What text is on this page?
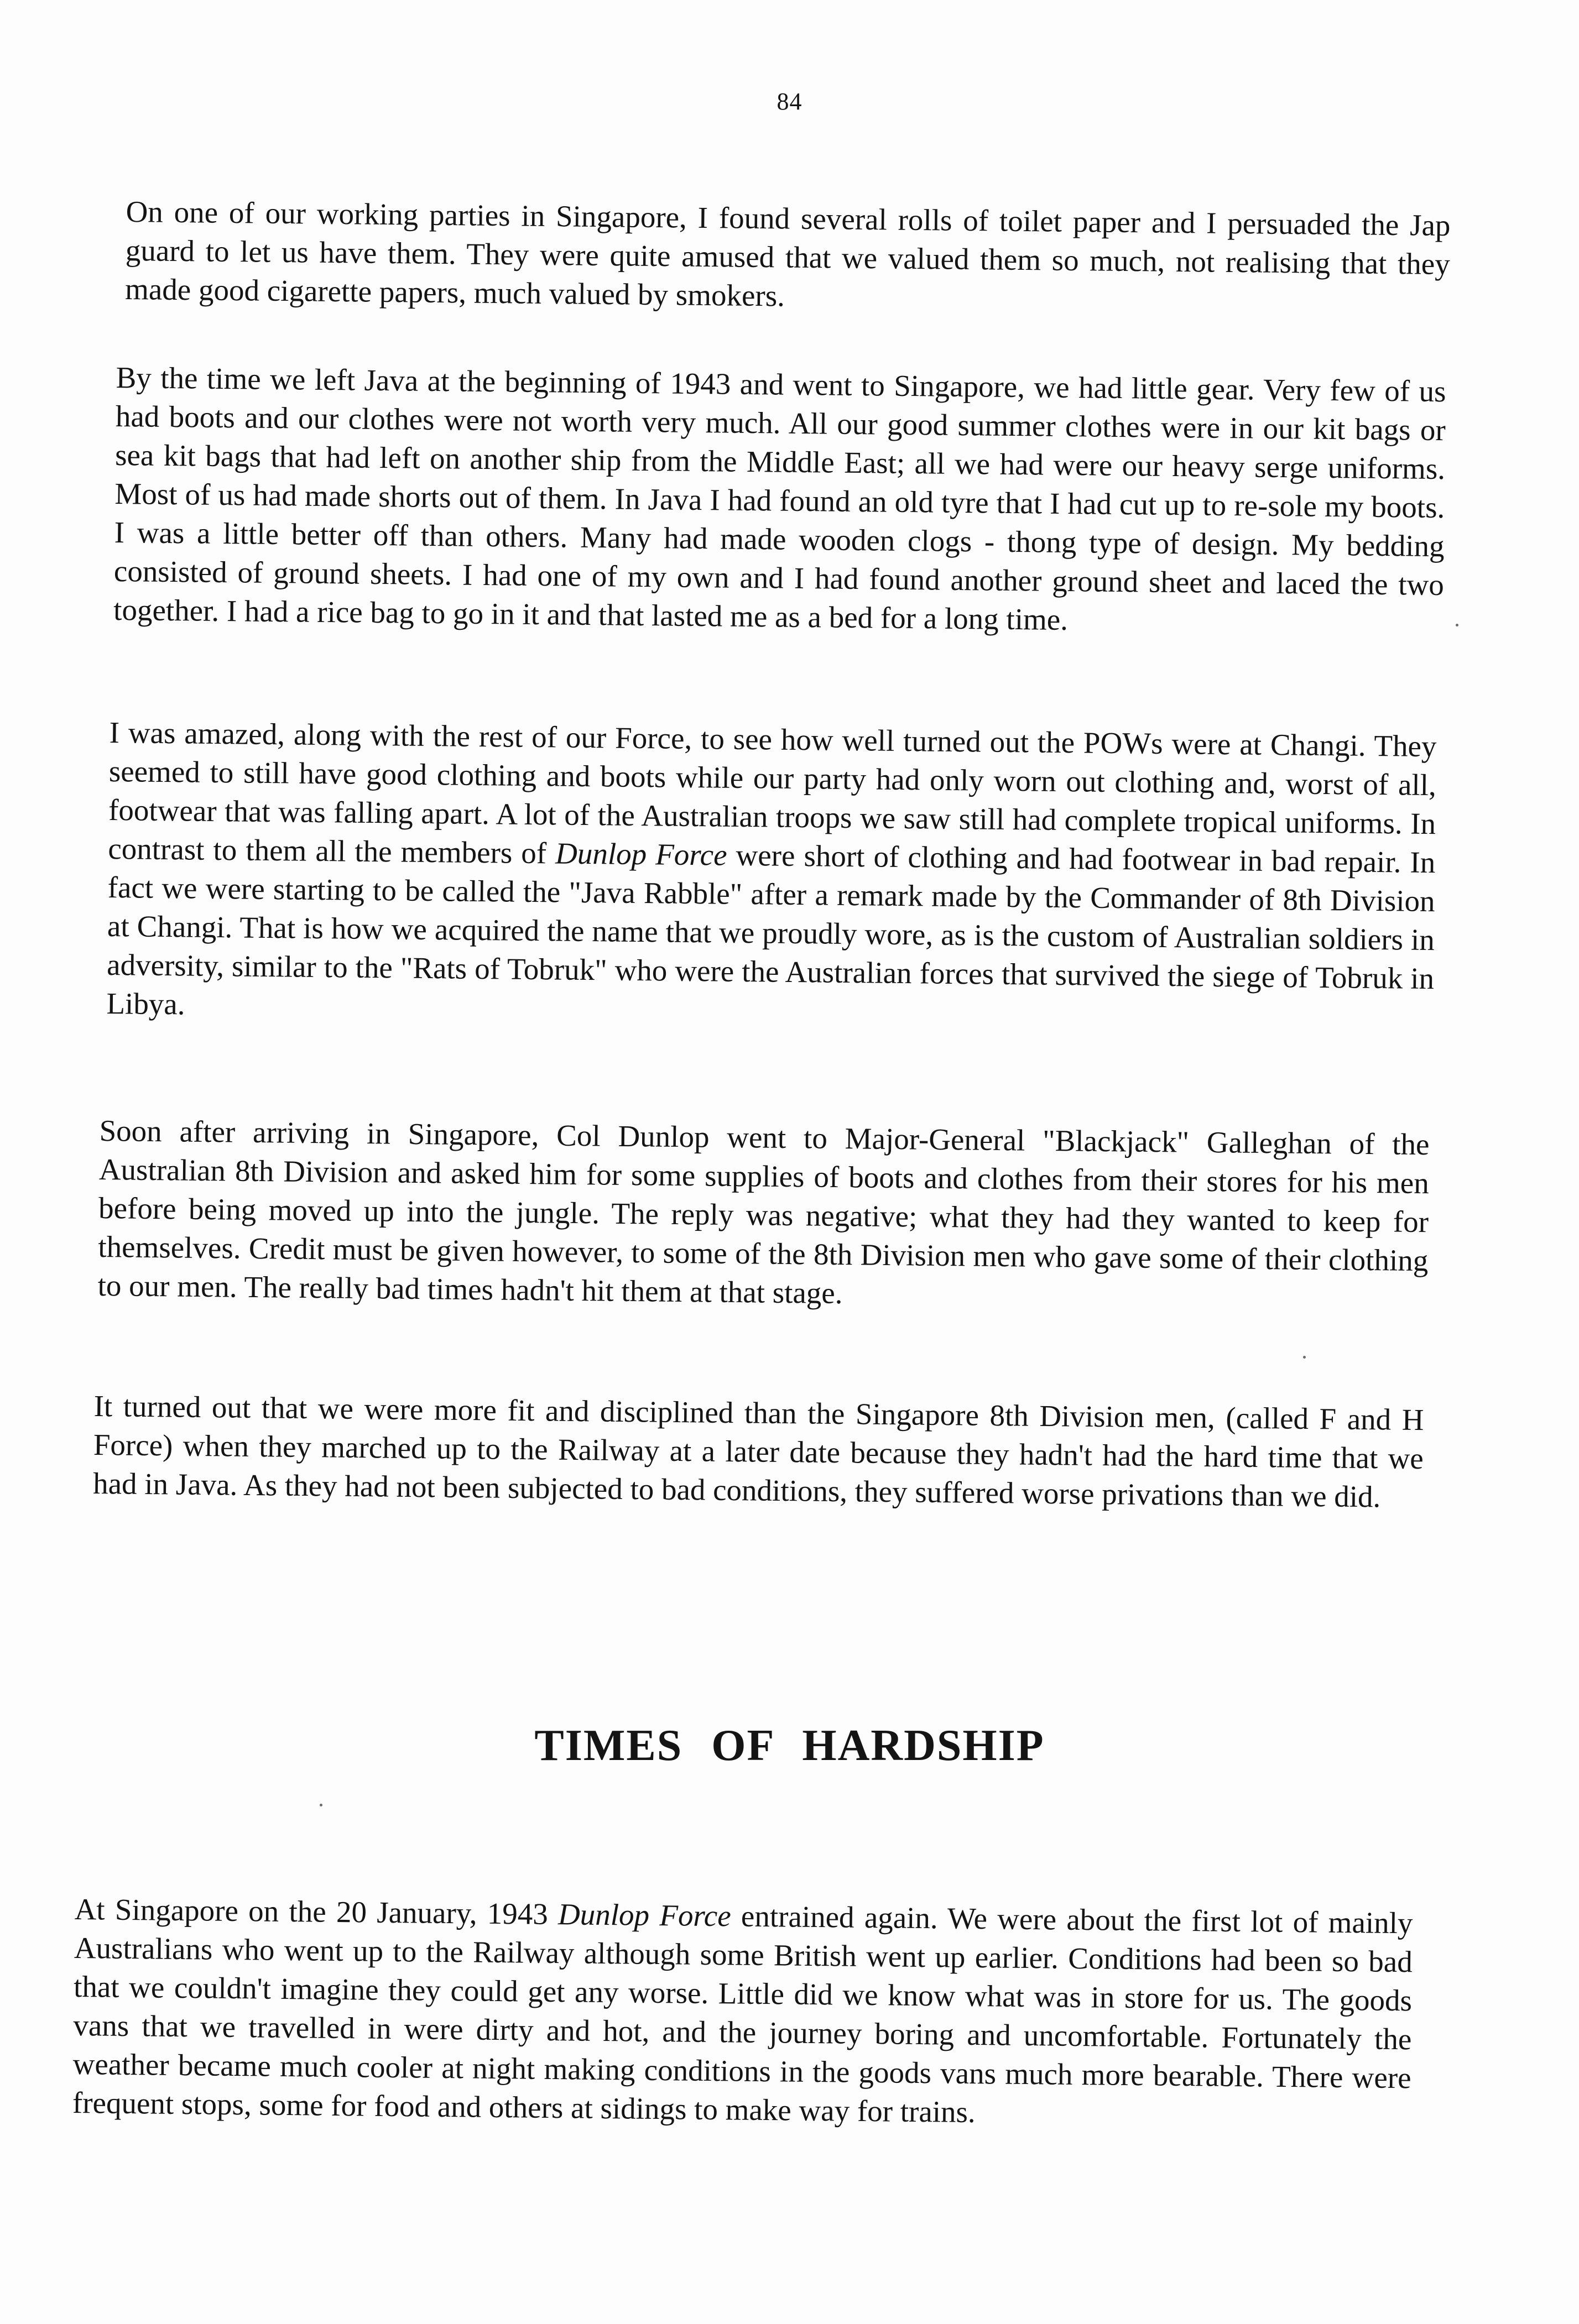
84

On one of our working parties in Singapore, I found several rolls of toilet paper and I persuaded the Jap guard to let us have them. They were quite amused that we valued them so much, not realising that they made good cigarette papers, much valued by smokers.

By the time we left Java at the beginning of 1943 and went to Singapore, we had little gear. Very few of us had boots and our clothes were not worth very much. All our good summer clothes were in our kit bags or sea kit bags that had left on another ship from the Middle East; all we had were our heavy serge uniforms. Most of us had made shorts out of them. In Java I had found an old tyre that I had cut up to re-sole my boots. I was a little better off than others. Many had made wooden clogs - thong type of design. My bedding consisted of ground sheets. I had one of my own and I had found another ground sheet and laced the two together. I had a rice bag to go in it and that lasted me as a bed for a long time.

I was amazed, along with the rest of our Force, to see how well turned out the POWs were at Changi. They seemed to still have good clothing and boots while our party had only worn out clothing and, worst of all, footwear that was falling apart. A lot of the Australian troops we saw still had complete tropical uniforms. In contrast to them all the members of Dunlop Force were short of clothing and had footwear in bad repair. In fact we were starting to be called the "Java Rabble" after a remark made by the Commander of 8th Division at Changi. That is how we acquired the name that we proudly wore, as is the custom of Australian soldiers in adversity, similar to the "Rats of Tobruk" who were the Australian forces that survived the siege of Tobruk in Libya.

Soon after arriving in Singapore, Col Dunlop went to Major-General "Blackjack" Galleghan of the Australian 8th Division and asked him for some supplies of boots and clothes from their stores for his men before being moved up into the jungle. The reply was negative; what they had they wanted to keep for themselves. Credit must be given however, to some of the 8th Division men who gave some of their clothing to our men. The really bad times hadn't hit them at that stage.

It turned out that we were more fit and disciplined than the Singapore 8th Division men, (called F and H Force) when they marched up to the Railway at a later date because they hadn't had the hard time that we had in Java. As they had not been subjected to bad conditions, they suffered worse privations than we did.

TIMES OF HARDSHIP

At Singapore on the 20 January, 1943 Dunlop Force entrained again. We were about the first lot of mainly Australians who went up to the Railway although some British went up earlier. Conditions had been so bad that we couldn't imagine they could get any worse. Little did we know what was in store for us. The goods vans that we travelled in were dirty and hot, and the journey boring and uncomfortable. Fortunately the weather became much cooler at night making conditions in the goods vans much more bearable. There were frequent stops, some for food and others at sidings to make way for trains.
